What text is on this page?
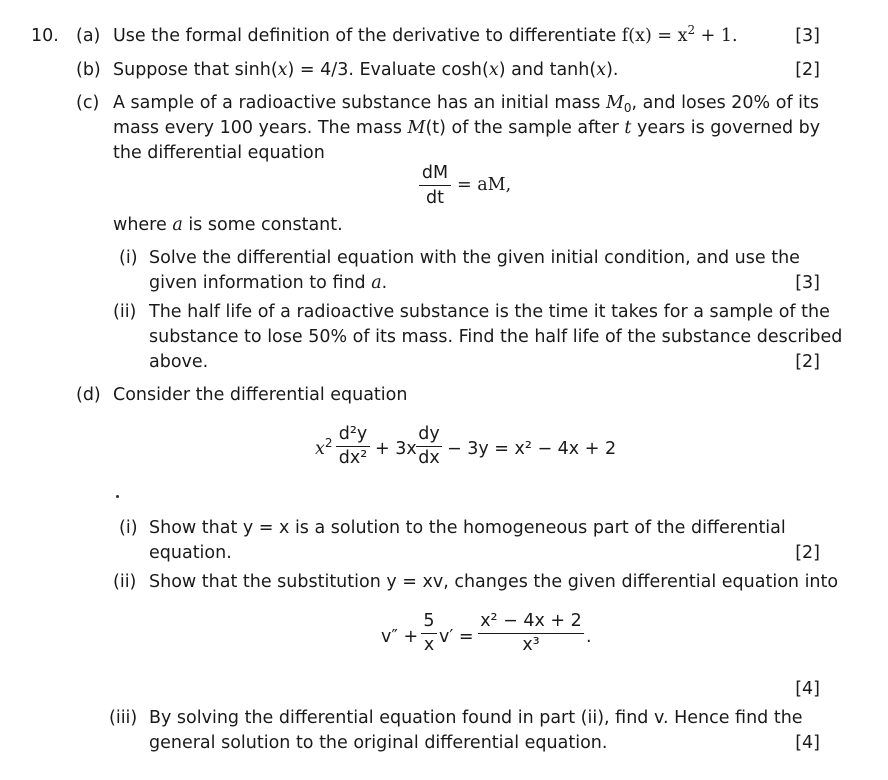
10. (a) Use the formal definition of the derivative to differentiate $f(x) = x^2 + 1$.	[3]
(b) Suppose that sinh(x) = 4/3. Evaluate cosh(x) and tanh(x).	[2]
(c) A sample of a radioactive substance has an initial mass $M_0$, and loses 20% of its
mass every 100 years. The mass M(t) of the sample after t years is governed by
the differential equation
dM
dt
= aM,
where a is some constant.
(i) Solve the differential equation with the given initial condition, and use the
given information to find a.	[3]
(ii) The half life of a radioactive substance is the time it takes for a sample of the
substance to lose 50% of its mass. Find the half life of the substance described
above.	[2]
(d) Consider the differential equation
$x^2$ d²y
dx² + 3x
dy
dx − 3y = x² − 4x + 2
(i) Show that y = x is a solution to the homogeneous part of the differential
equation.	[2]
(ii) Show that the substitution y = xv, changes the given differential equation into
v″ +
5
x v′ =
x² − 4x + 2
x³	.
[4]
(iii) By solving the differential equation found in part (ii), find v. Hence find the
general solution to the original differential equation.	[4]
